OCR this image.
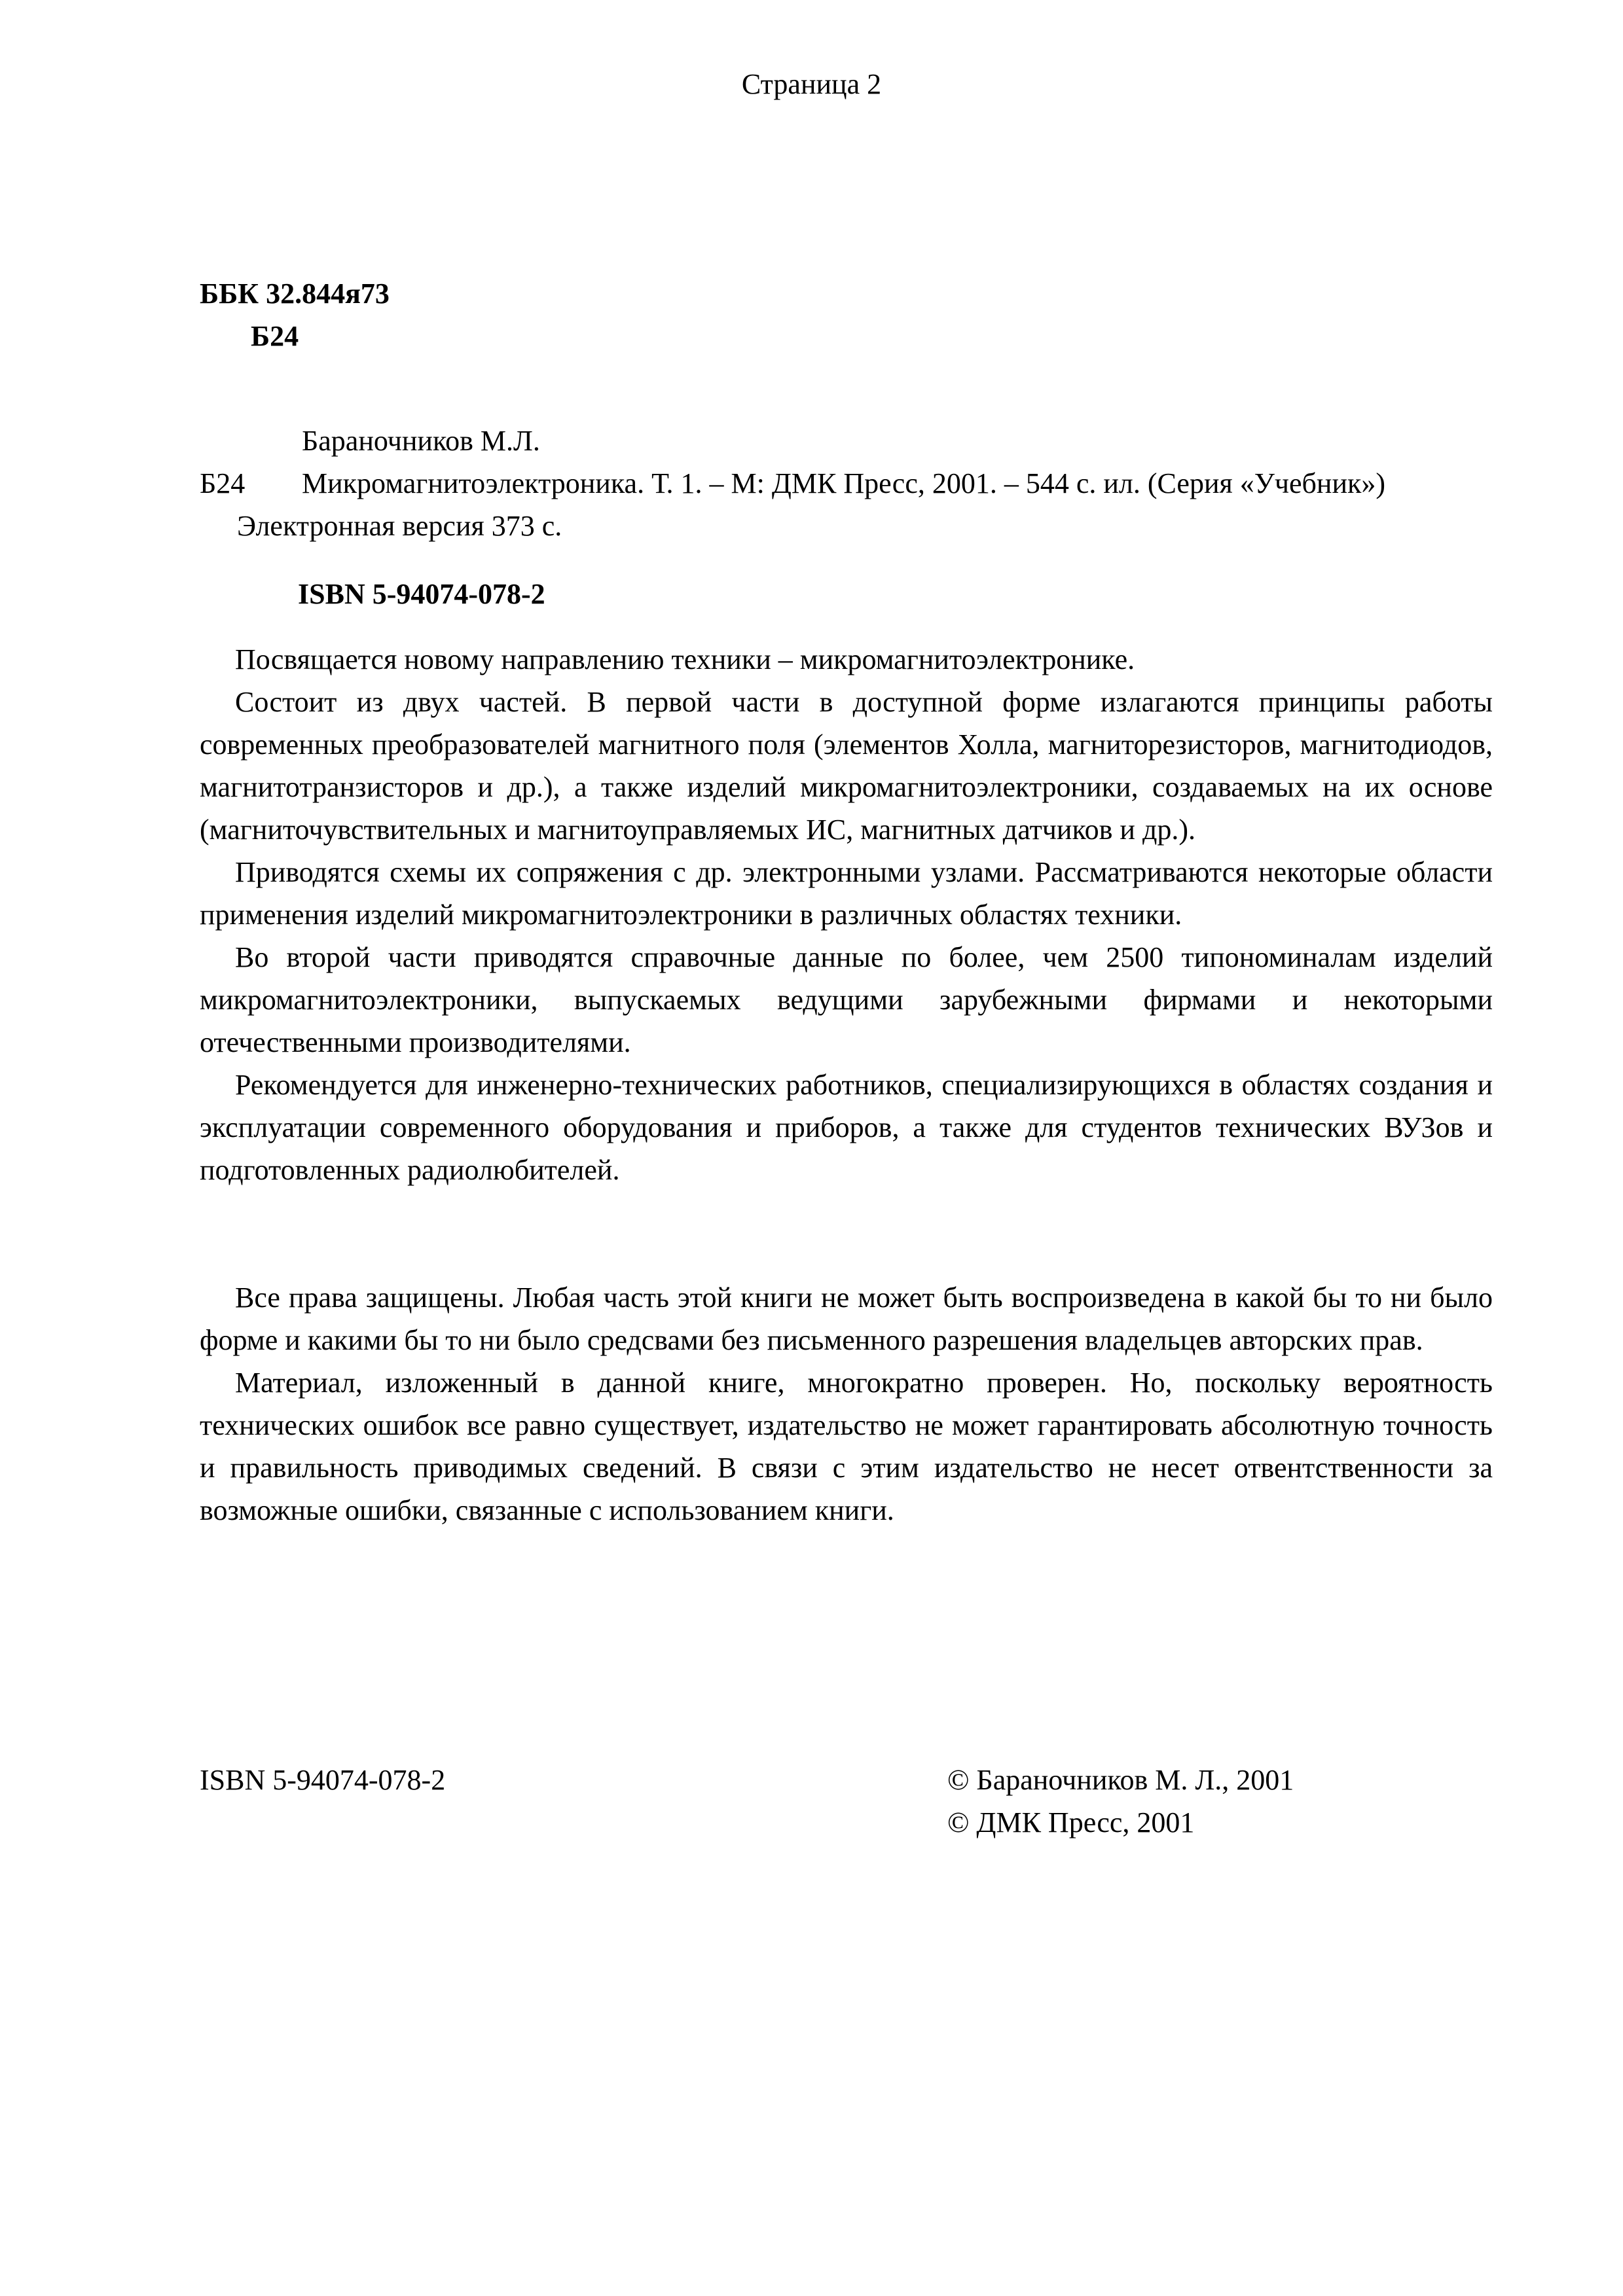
Страница 2
ББК 32.844я73
Б24
Бараночников М.Л.

Б24 Микромагнитоэлектроника. Т. 1. – М: ДМК Пресс, 2001. – 544 с. ил. (Серия «Учебник»)

Электронная версия 373 с.
ISBN 5-94074-078-2

Посвящается новому направлению техники – микромагнитоэлектронике.

Состоит из двух частей. В первой части в доступной форме излагаются принципы работы современных преобразователей магнитного поля (элементов Холла, магниторезисторов, магнитодиодов, магнитотранзисторов и др.), а также изделий микромагнитоэлектроники, создаваемых на их основе (магниточувствительных и магнитоуправляемых ИС, магнитных датчиков и др.).

Приводятся схемы их сопряжения с др. электронными узлами. Рассматриваются некоторые области применения изделий микромагнитоэлектроники в различных областях техники.

Во второй части приводятся справочные данные по более, чем 2500 типономиналам изделий микромагнитоэлектроники, выпускаемых ведущими зарубежными фирмами и некоторыми отечественными производителями.

Рекомендуется для инженерно-технических работников, специализирующихся в областях создания и эксплуатации современного оборудования и приборов, а также для студентов технических ВУЗов и подготовленных радиолюбителей.

Все права защищены. Любая часть этой книги не может быть воспроизведена в какой бы то ни было форме и какими бы то ни было средсвами без письменного разрешения владельцев авторских прав.

Материал, изложенный в данной книге, многократно проверен. Но, поскольку вероятность технических ошибок все равно существует, издательство не может гарантировать абсолютную точность и правильность приводимых сведений. В связи с этим издательство не несет отвентственности за возможные ошибки, связанные с использованием книги.

ISBN 5-94074-078-2	© Бараночников М. Л., 2001
© ДМК Пресс, 2001
